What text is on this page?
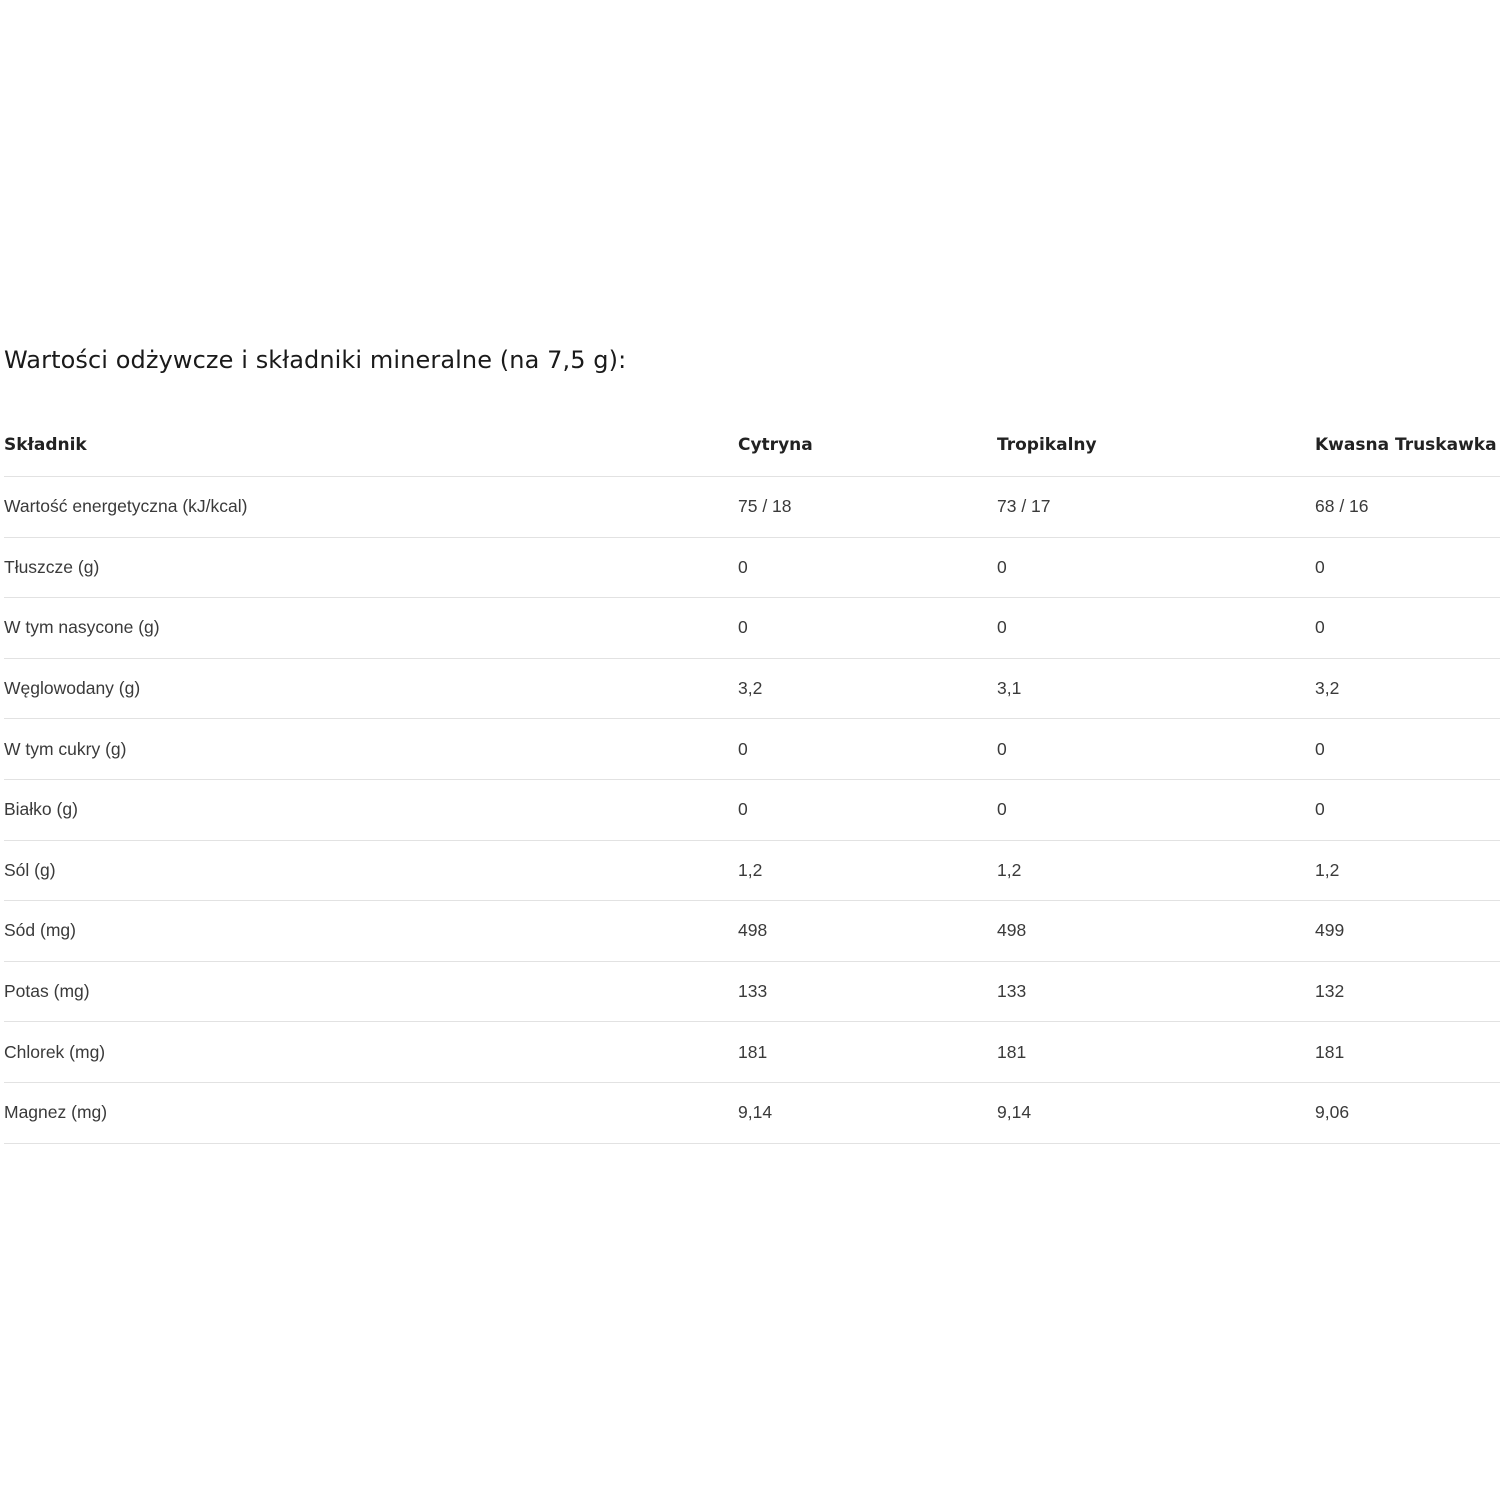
Wartości odżywcze i składniki mineralne (na 7,5 g):
Składnik	Cytryna	Tropikalny	Kwasna Truskawka
Wartość energetyczna (kJ/kcal)	75 / 18	73 / 17	68 / 16
Tłuszcze (g)	0	0	0
W tym nasycone (g)	0	0	0
Węglowodany (g)	3,2	3,1	3,2
W tym cukry (g)	0	0	0
Białko (g)	0	0	0
Sól (g)	1,2	1,2	1,2
Sód (mg)	498	498	499
Potas (mg)	133	133	132
Chlorek (mg)	181	181	181
Magnez (mg)	9,14	9,14	9,06
